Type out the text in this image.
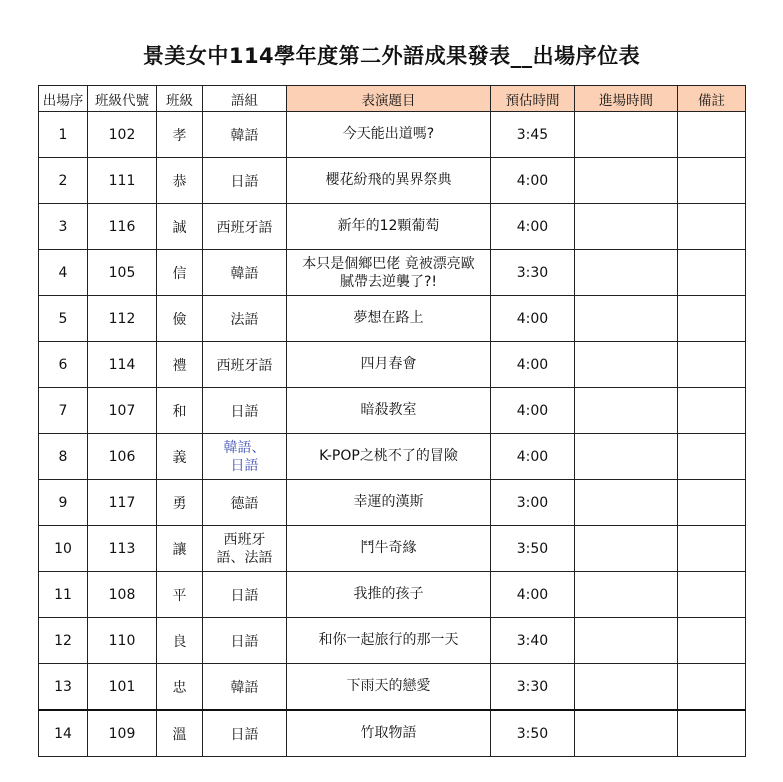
景美女中114學年度第二外語成果發表__出場序位表
出場序	班級代號	班級	語組	表演題目	預估時間	進場時間	備註
1	102	孝	韓語	今天能出道嗎?	3:45		
2	111	恭	日語	櫻花紛飛的異界祭典	4:00		
3	116	誠	西班牙語	新年的12顆葡萄	4:00		
4	105	信	韓語	本只是個鄉巴佬 竟被漂亮歐
膩帶去逆襲了?!	3:30		
5	112	儉	法語	夢想在路上	4:00		
6	114	禮	西班牙語	四月春會	4:00		
7	107	和	日語	暗殺教室	4:00		
8	106	義	韓語、
日語	K-POP之桃不了的冒險	4:00		
9	117	勇	德語	幸運的漢斯	3:00		
10	113	讓	西班牙
語、法語	鬥牛奇緣	3:50		
11	108	平	日語	我推的孩子	4:00		
12	110	良	日語	和你一起旅行的那一天	3:40		
13	101	忠	韓語	下雨天的戀愛	3:30		
14	109	溫	日語	竹取物語	3:50		
